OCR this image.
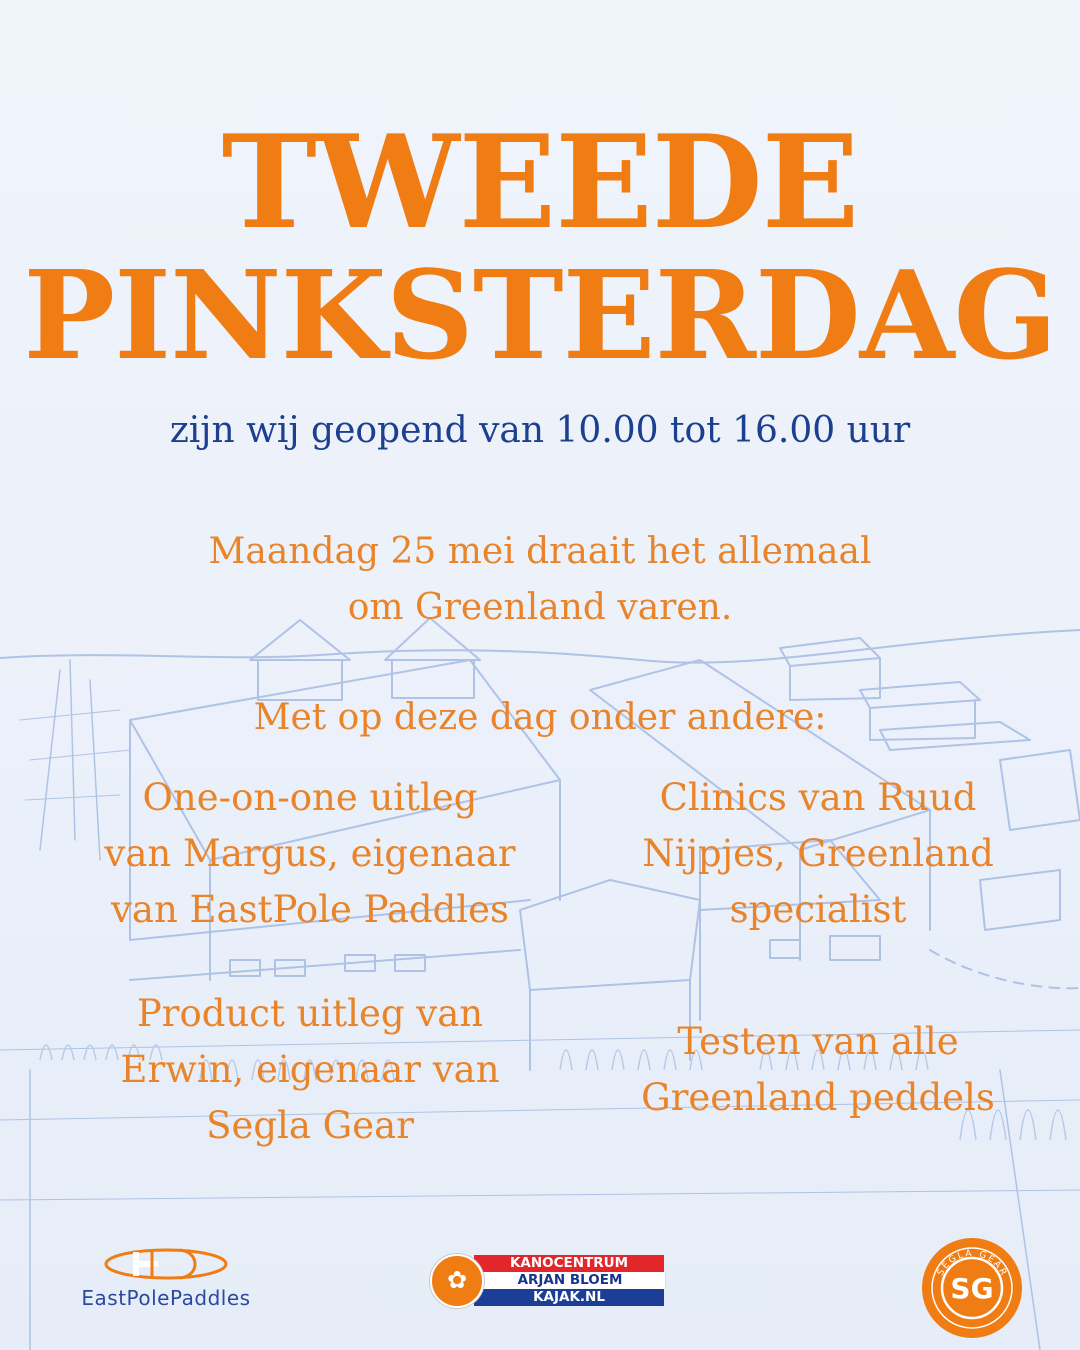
TWEEDE
PINKSTERDAG

zijn wij geopend van 10.00 tot 16.00 uur

Maandag 25 mei draait het allemaal
om Greenland varen.

Met op deze dag onder andere:

One-on-one uitleg
van Margus, eigenaar
van EastPole Paddles
Clinics van Ruud
Nijpjes, Greenland
specialist
Product uitleg van
Erwin, eigenaar van
Segla Gear
Testen van alle
Greenland peddels
EastPolePaddles
KANOCENTRUM
ARJAN BLOEM
KAJAK.NL
✿	SG
SEGLA GEAR
